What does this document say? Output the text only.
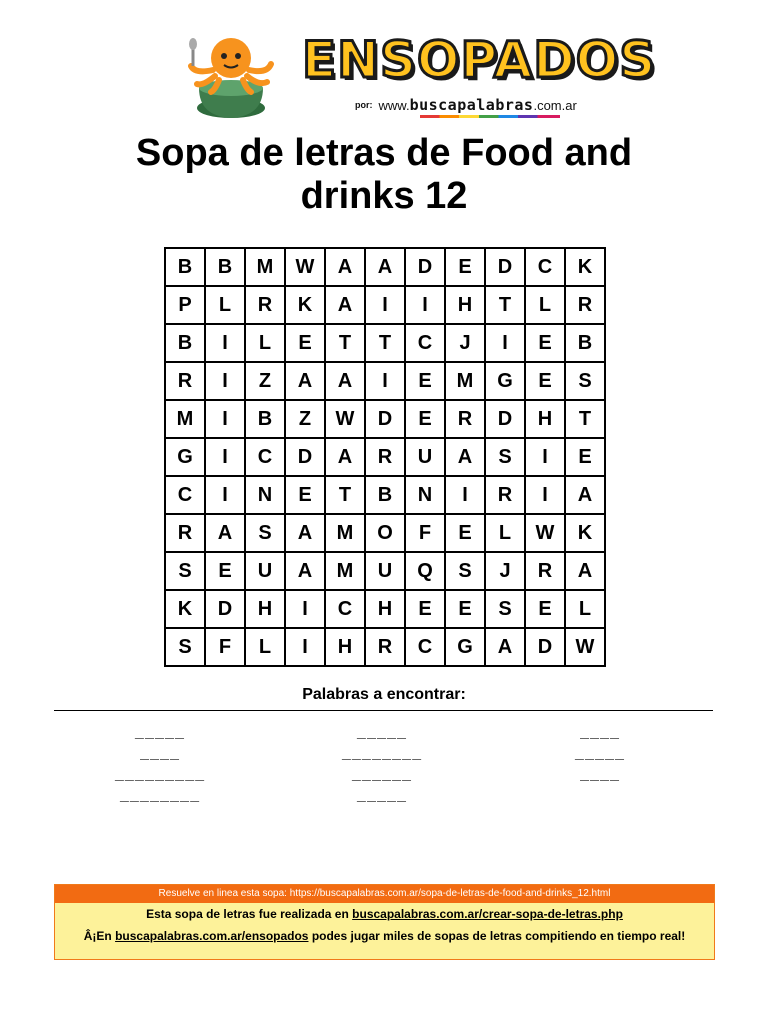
ENSOPADOS
por: www.buscapalabras.com.ar
Sopa de letras de Food and drinks 12
B	B	M	W	A	A	D	E	D	C	K
P	L	R	K	A	I	I	H	T	L	R
B	I	L	E	T	T	C	J	I	E	B
R	I	Z	A	A	I	E	M	G	E	S
M	I	B	Z	W	D	E	R	D	H	T
G	I	C	D	A	R	U	A	S	I	E
C	I	N	E	T	B	N	I	R	I	A
R	A	S	A	M	O	F	E	L	W	K
S	E	U	A	M	U	Q	S	J	R	A
K	D	H	I	C	H	E	E	S	E	L
S	F	L	I	H	R	C	G	A	D	W
Palabras a encontrar:
_____
____
_________
________
_____
________
______
_____
____
_____
____
Resuelve en linea esta sopa: https://buscapalabras.com.ar/sopa-de-letras-de-food-and-drinks_12.html
Esta sopa de letras fue realizada en buscapalabras.com.ar/crear-sopa-de-letras.php
Â¡En buscapalabras.com.ar/ensopados podes jugar miles de sopas de letras compitiendo en tiempo real!
